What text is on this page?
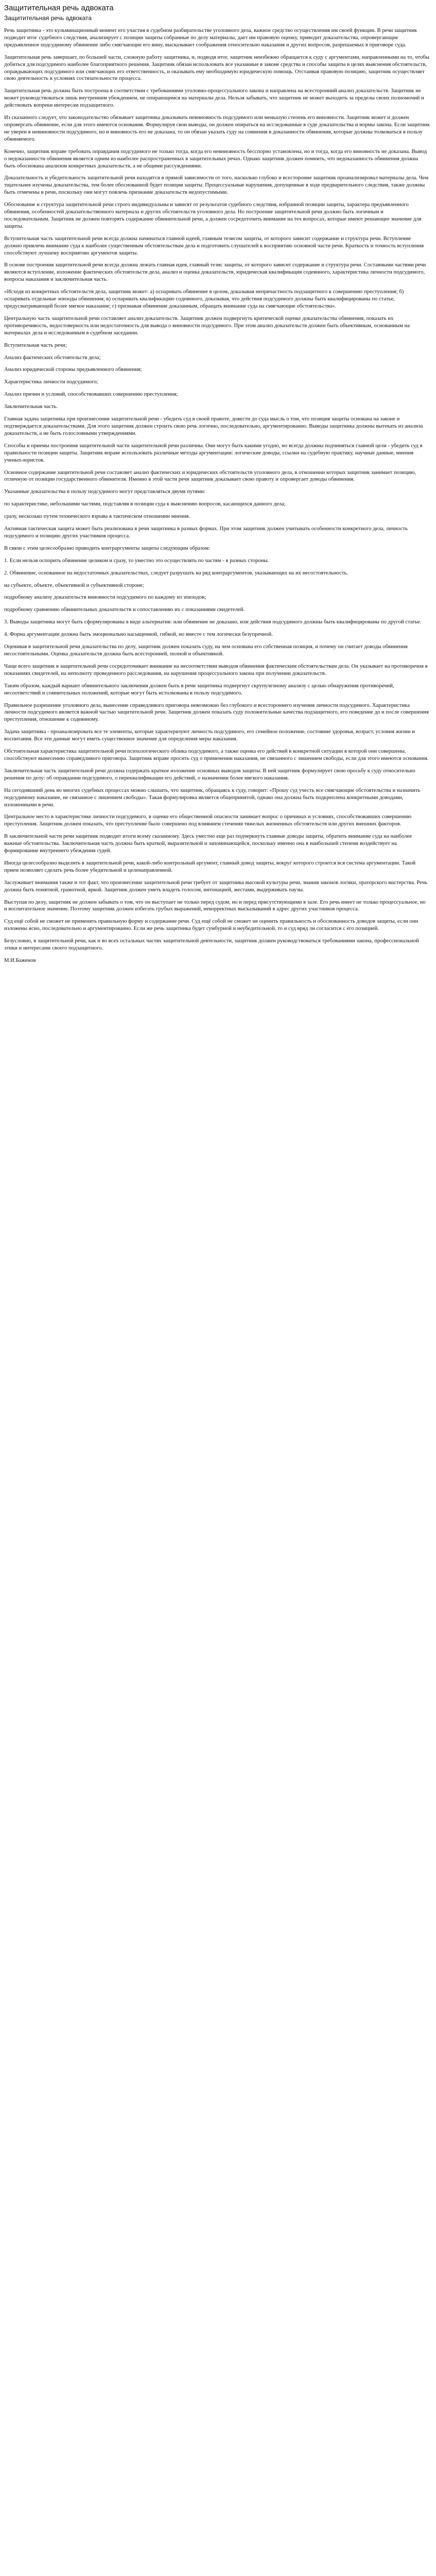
Защитительная речь адвоката
Защитительная речь адвоката

Речь защитника - это кульминационный момент его участия в судебном разбирательстве уголовного дела, важное средство осуществления им своей функции. В речи защитник подводит итог судебного следствия, анализирует с позиции защиты собранные по делу материалы, дает им правовую оценку, приводит доказательства, опровергающие предъявленное подсудимому обвинение либо смягчающие его вину, высказывает соображения относительно наказания и других вопросов, разрешаемых в приговоре суда.

Защитительная речь завершает, по большей части, сложную работу защитника, и, подводя итог, защитник неизбежно обращается к суду с аргументами, направленными на то, чтобы добиться для подсудимого наиболее благоприятного решения. Защитник обязан использовать все указанные в законе средства и способы защиты в целях выяснения обстоятельств, оправдывающих подсудимого или смягчающих его ответственность, и оказывать ему необходимую юридическую помощь. Отстаивая правовую позицию, защитник осуществляет свою деятельность в условиях состязательности процесса.

Защитительная речь должна быть построена в соответствии с требованиями уголовно-процессуального закона и направлена на всесторонний анализ доказательств. Защитник не может руководствоваться лишь внутренним убеждением, не опирающимся на материалы дела. Нельзя забывать, что защитник не может выходить за пределы своих полномочий и действовать вопреки интересам подзащитного.

Из сказанного следует, что законодательство обязывает защитника доказывать невиновность подсудимого или меньшую степень его виновности. Защитник может и должен опровергать обвинение, если для этого имеются основания. Формулируя свои выводы, он должен опираться на исследованные в суде доказательства и нормы закона. Если защитник не уверен в невиновности подсудимого, но и виновность его не доказана, то он обязан указать суду на сомнения в доказанности обвинения, которые должны толковаться в пользу обвиняемого.

Конечно, защитник вправе требовать оправдания подсудимого не только тогда, когда его невиновность бесспорно установлена, но и тогда, когда его виновность не доказана. Вывод о недоказанности обвинения является одним из наиболее распространенных в защитительных речах. Однако защитник должен помнить, что недоказанность обвинения должна быть обоснована анализом конкретных доказательств, а не общими рассуждениями.

Доказательность и убедительность защитительной речи находятся в прямой зависимости от того, насколько глубоко и всесторонне защитник проанализировал материалы дела. Чем тщательнее изучены доказательства, тем более обоснованной будет позиция защиты. Процессуальные нарушения, допущенные в ходе предварительного следствия, также должны быть отмечены в речи, поскольку они могут повлечь признание доказательств недопустимыми.

Обоснование и структура защитительной речи строго индивидуальны и зависят от результатов судебного следствия, избранной позиции защиты, характера предъявленного обвинения, особенностей доказательственного материала и других обстоятельств уголовного дела. Но построение защитительной речи должно быть логичным и последовательным. Защитник не должен повторять содержание обвинительной речи, а должен сосредоточить внимание на тех вопросах, которые имеют решающее значение для защиты.

Вступительная часть защитительной речи всегда должна начинаться главной идеей, главным тезисом защиты, от которого зависит содержание и структура речи. Вступление должно привлечь внимание суда к наиболее существенным обстоятельствам дела и подготовить слушателей к восприятию основной части речи. Краткость и точность вступления способствуют лучшему восприятию аргументов защиты.

В основе построения защитительной речи всегда должна лежать главная идея, главный тезис защиты, от которого зависит содержание и структура речи. Составными частями речи являются вступление, изложение фактических обстоятельств дела, анализ и оценка доказательств, юридическая квалификация содеянного, характеристика личности подсудимого, вопросы наказания и заключительная часть.

«Исходя из конкретных обстоятельств дела, защитник может: а) оспаривать обвинение в целом, доказывая непричастность подзащитного к совершению преступления; б) оспаривать отдельные эпизоды обвинения; в) оспаривать квалификацию содеянного, доказывая, что действия подсудимого должны быть квалифицированы по статье, предусматривающей более мягкое наказание; г) признавая обвинение доказанным, обращать внимание суда на смягчающие обстоятельства».

Центральную часть защитительной речи составляет анализ доказательств. Защитник должен подвергнуть критической оценке доказательства обвинения, показать их противоречивость, недостоверность или недостаточность для вывода о виновности подсудимого. При этом анализ доказательств должен быть объективным, основанным на материалах дела и исследованным в судебном заседании.

Вступительная часть речи;

Анализ фактических обстоятельств дела;

Анализ юридической стороны предъявленного обвинения;

Характеристика личности подсудимого;

Анализ причин и условий, способствовавших совершению преступления;

Заключительная часть.

Главная задача защитника при произнесении защитительной речи - убедить суд в своей правоте, довести до суда мысль о том, что позиция защиты основана на законе и подтверждается доказательствами. Для этого защитник должен строить свою речь логично, последовательно, аргументированно. Выводы защитника должны вытекать из анализа доказательств, а не быть голословными утверждениями.

Способы и приемы построения защитительной части защитительной речи различны. Они могут быть какими угодно, но всегда должны подчиняться главной цели - убедить суд в правильности позиции защиты. Защитник вправе использовать различные методы аргументации: логические доводы, ссылки на судебную практику, научные данные, мнения ученых-юристов.

Основное содержание защитительной речи составляет анализ фактических и юридических обстоятельств уголовного дела, в отношении которых защитник занимает позицию, отличную от позиции государственного обвинителя. Именно в этой части речи защитник доказывает свою правоту и опровергает доводы обвинения.

Указанные доказательства в пользу подсудимого могут представляться двумя путями:

по характеристике, небольшими частями, подставляя в позиции суда к выяснению вопросов, касающихся данного дела;

сразу, несколько путем технического взрыва в тактическом отношении мнения.

Активная тактическая защита может быть реализована в речи защитника в разных формах. При этом защитник должен учитывать особенности конкретного дела, личность подсудимого и позицию других участников процесса.

В связи с этим целесообразно приводить контраргументы защиты следующим образом:

1. Если нельзя оспорить обвинение целиком и сразу, то уместно это осуществлять по частям - в разных стороны.

2. Обвинение, основанное на недостаточных доказательствах, следует разрушать на ряд контраргументов, указывающих на их несостоятельность.

на субъекте, объекте, объективной и субъективной стороне;

подробному анализу доказательств виновности подсудимого по каждому из эпизодов;

подробному сравнению обвинительных доказательств и сопоставлению их с показаниями свидетелей.

3. Выводы защитника могут быть сформулированы в виде альтернатив: или обвинение не доказано, или действия подсудимого должны быть квалифицированы по другой статье.

4. Форма аргументации должна быть эмоционально насыщенной, гибкой, но вместе с тем логически безупречной.

Оценивая в защитительной речи доказательства по делу, защитник должен показать суду, на чем основана его собственная позиция, и почему он считает доводы обвинения несостоятельными. Оценка доказательств должна быть всесторонней, полной и объективной.

Чаще всего защитник в защитительной речи сосредоточивает внимание на несоответствии выводов обвинения фактическим обстоятельствам дела. Он указывает на противоречия в показаниях свидетелей, на неполноту проведенного расследования, на нарушения процессуального закона при получении доказательств.

Таким образом, каждый вариант обвинительного заключения должен быть в речи защитника подвергнут скрупулезному анализу с целью обнаружения противоречий, несоответствий и сомнительных положений, которые могут быть истолкованы в пользу подсудимого.

Правильное разрешение уголовного дела, вынесение справедливого приговора невозможно без глубокого и всестороннего изучения личности подсудимого. Характеристика личности подсудимого является важной частью защитительной речи. Защитник должен показать суду положительные качества подзащитного, его поведение до и после совершения преступления, отношение к содеянному.

Задача защитника - проанализировать все те элементы, которые характеризуют личность подсудимого, его семейное положение, состояние здоровья, возраст, условия жизни и воспитания. Все эти данные могут иметь существенное значение для определения меры наказания.

Обстоятельная характеристика защитительной речи психологического облика подсудимого, а также оценка его действий в конкретной ситуации в которой они совершены, способствуют вынесению справедливого приговора. Защитник вправе просить суд о применении наказания, не связанного с лишением свободы, если для этого имеются основания.

Заключительная часть защитительной речи должна содержать краткое изложение основных выводов защиты. В ней защитник формулирует свою просьбу к суду относительно решения по делу: об оправдании подсудимого, о переквалификации его действий, о назначении более мягкого наказания.

На сегодняшний день во многих судебных процессах можно слышать, что защитник, обращаясь к суду, говорит: «Прошу суд учесть все смягчающие обстоятельства и назначить подсудимому наказание, не связанное с лишением свободы». Такая формулировка является общепринятой, однако она должна быть подкреплена конкретными доводами, изложенными в речи.

Центральное место в характеристике личности подсудимого, в оценке его общественной опасности занимает вопрос о причинах и условиях, способствовавших совершению преступления. Защитник должен показать, что преступление было совершено под влиянием стечения тяжелых жизненных обстоятельств или других внешних факторов.

В заключительной части речи защитник подводит итоги всему сказанному. Здесь уместно еще раз подчеркнуть главные доводы защиты, обратить внимание суда на наиболее важные обстоятельства. Заключительная часть должна быть краткой, выразительной и запоминающейся, поскольку именно она в наибольшей степени воздействует на формирование внутреннего убеждения судей.

Иногда целесообразно выделить в защитительной речи, какой-либо контрольный аргумент, главный довод защиты, вокруг которого строится вся система аргументации. Такой прием позволяет сделать речь более убедительной и целенаправленной.

Заслуживает внимания также и тот факт, что произнесение защитительной речи требует от защитника высокой культуры речи, знания законов логики, ораторского мастерства. Речь должна быть понятной, грамотной, яркой. Защитник должен уметь владеть голосом, интонацией, жестами, выдерживать паузы.

Выступая по делу, защитник не должен забывать о том, что он выступает не только перед судом, но и перед присутствующими в зале. Его речь имеет не только процессуальное, но и воспитательное значение. Поэтому защитник должен избегать грубых выражений, некорректных высказываний в адрес других участников процесса.

Суд ещё собой не сможет не применять правильную форму и содержание речи. Суд ещё собой не сможет не оценить правильность и обоснованность доводов защиты, если они изложены ясно, последовательно и аргументированно. Если же речь защитника будет сумбурной и неубедительной, то и суд вряд ли согласится с его позицией.

Безусловно, в защитительной речи, как и во всех остальных частях защитительной деятельности, защитник должен руководствоваться требованиями закона, профессиональной этики и интересами своего подзащитного.

М.И.Баженов
